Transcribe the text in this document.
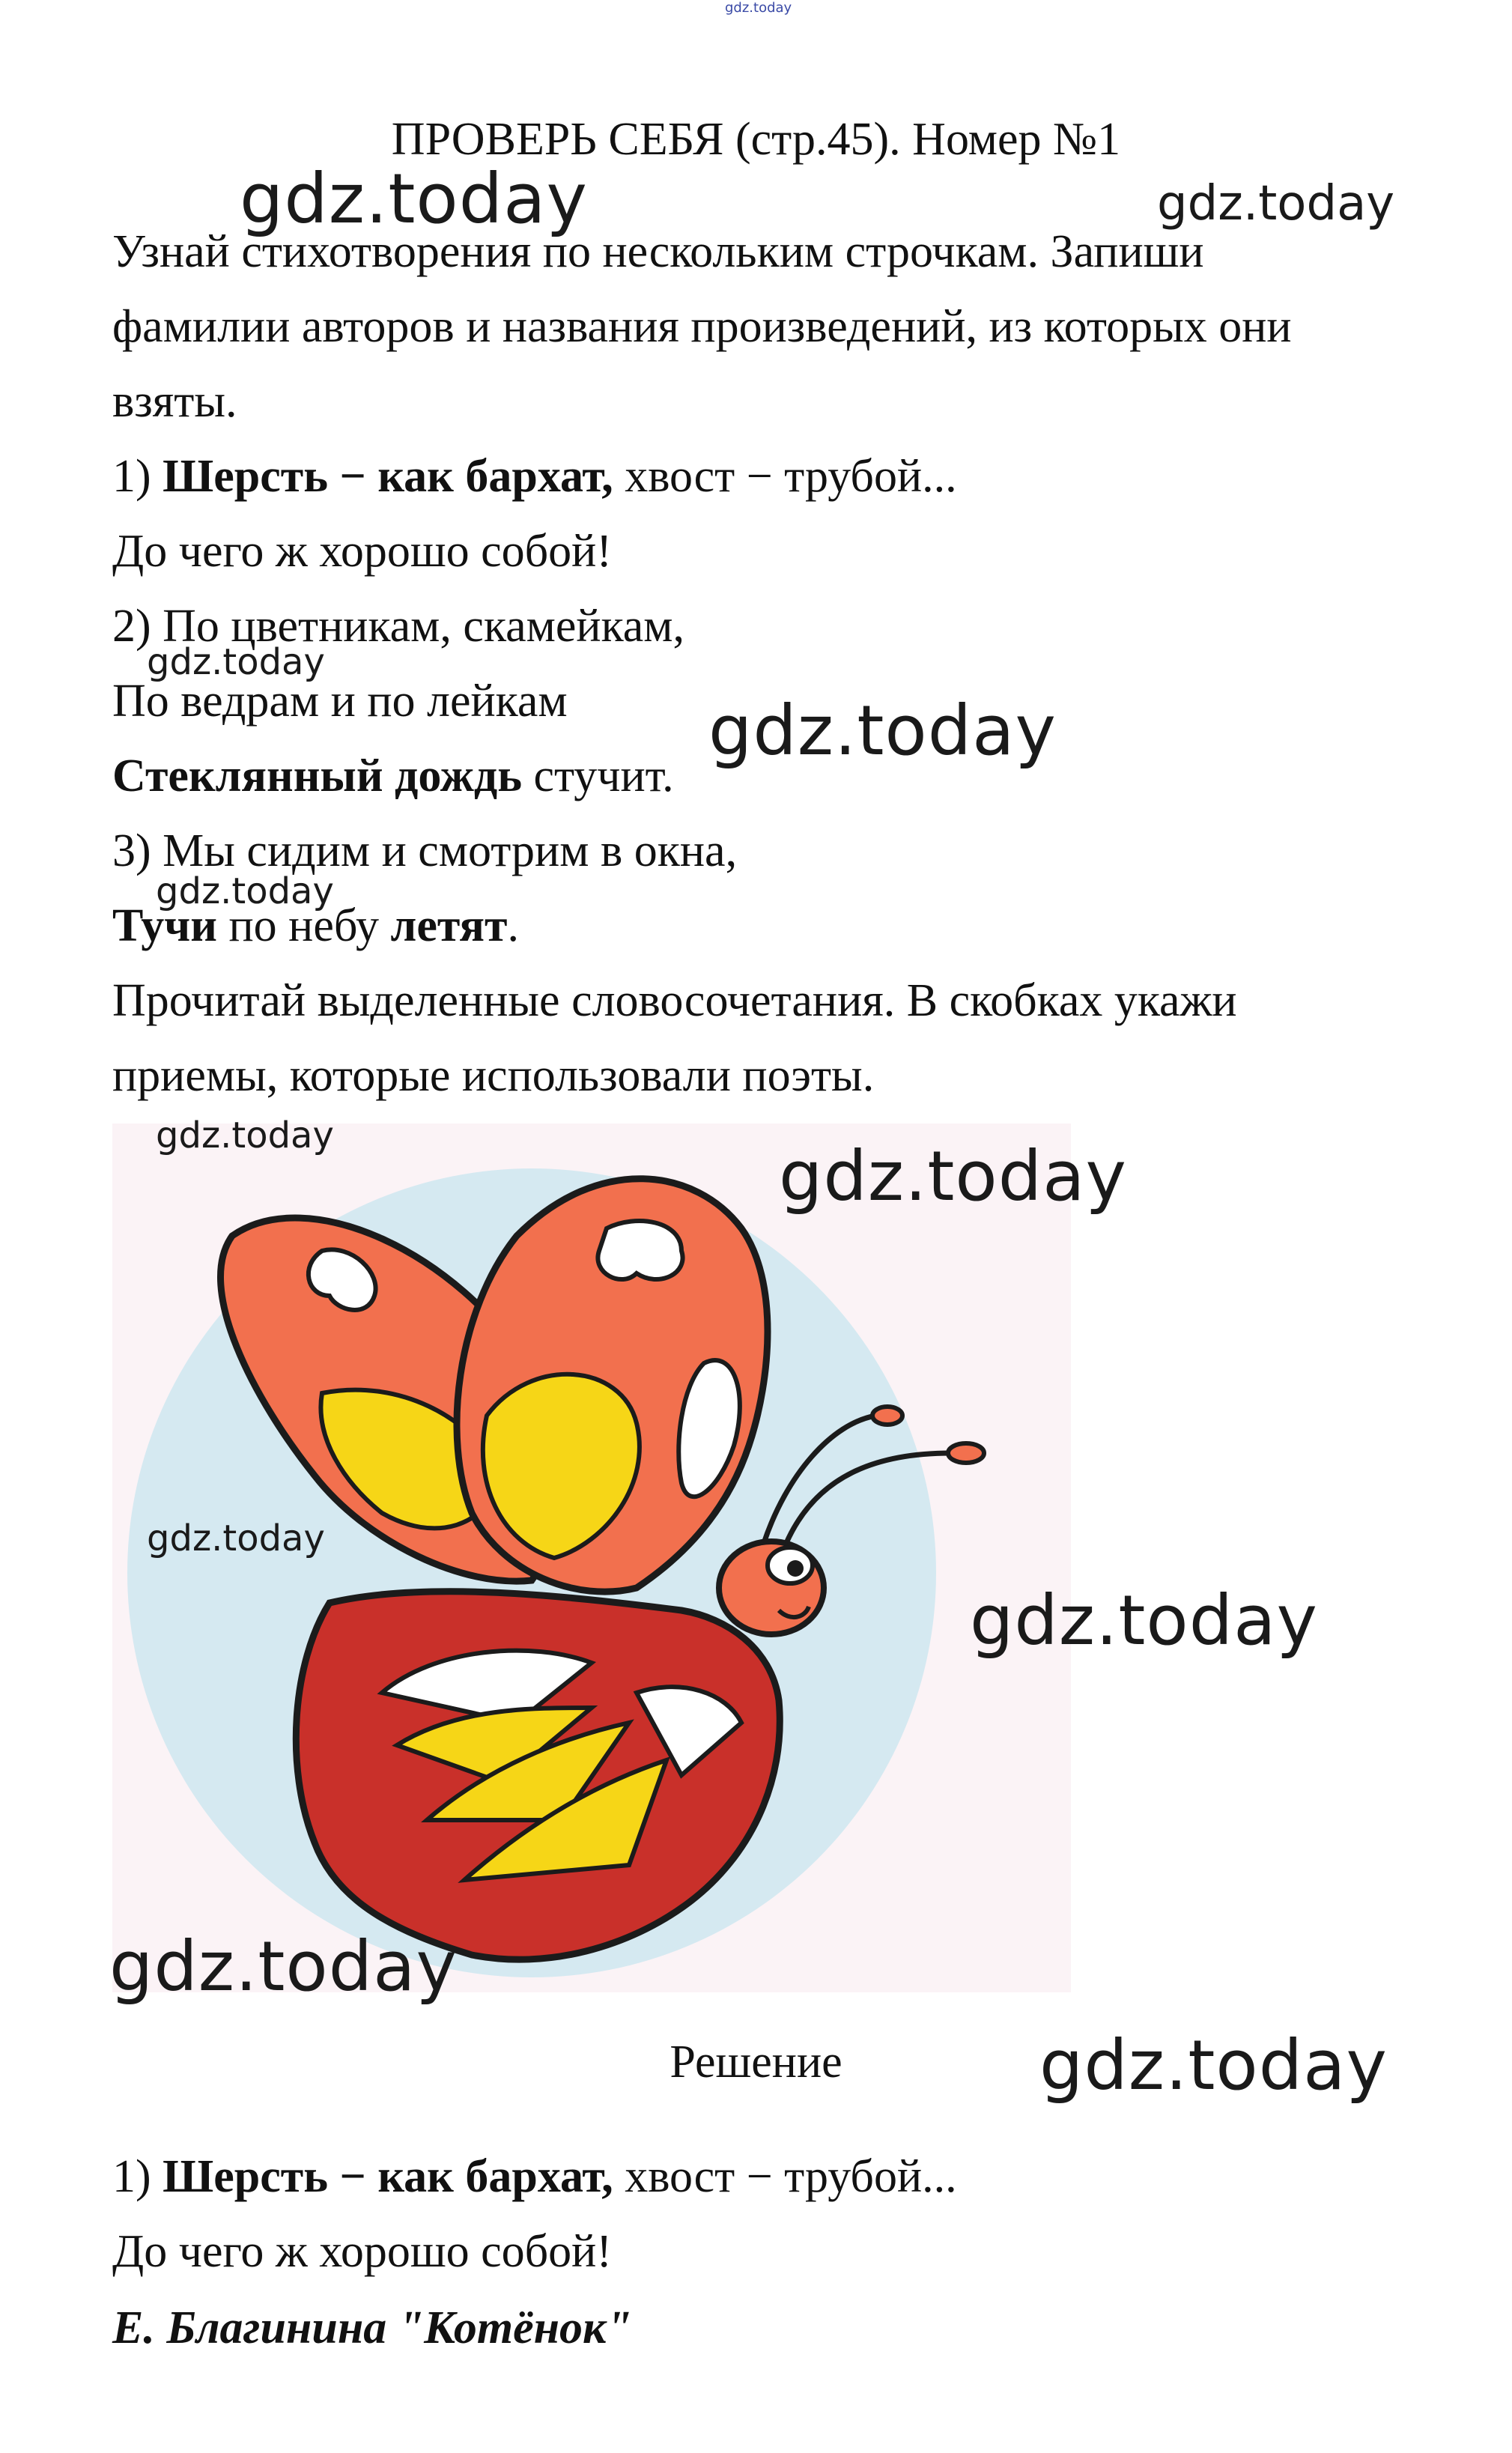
gdz.today
ПРОВЕРЬ СЕБЯ (стр.45). Номер №1
Узнай стихотворения по нескольким строчкам. Запиши
фамилии авторов и названия произведений, из которых они
взяты.
1) Шерсть − как бархат, хвост − трубой...
До чего ж хорошо собой!
2) По цветникам, скамейкам,
По ведрам и по лейкам
Стеклянный дождь стучит.
3) Мы сидим и смотрим в окна,
Тучи по небу летят.
Прочитай выделенные словосочетания. В скобках укажи
приемы, которые использовали поэты.
gdz.today	gdz.today
gdz.today
gdz.today
gdz.today
gdz.today
gdz.today
gdz.today
gdz.today
gdz.today
gdz.today
Решение
1) Шерсть − как бархат, хвост − трубой...
До чего ж хорошо собой!
Е. Благинина "Котёнок"
